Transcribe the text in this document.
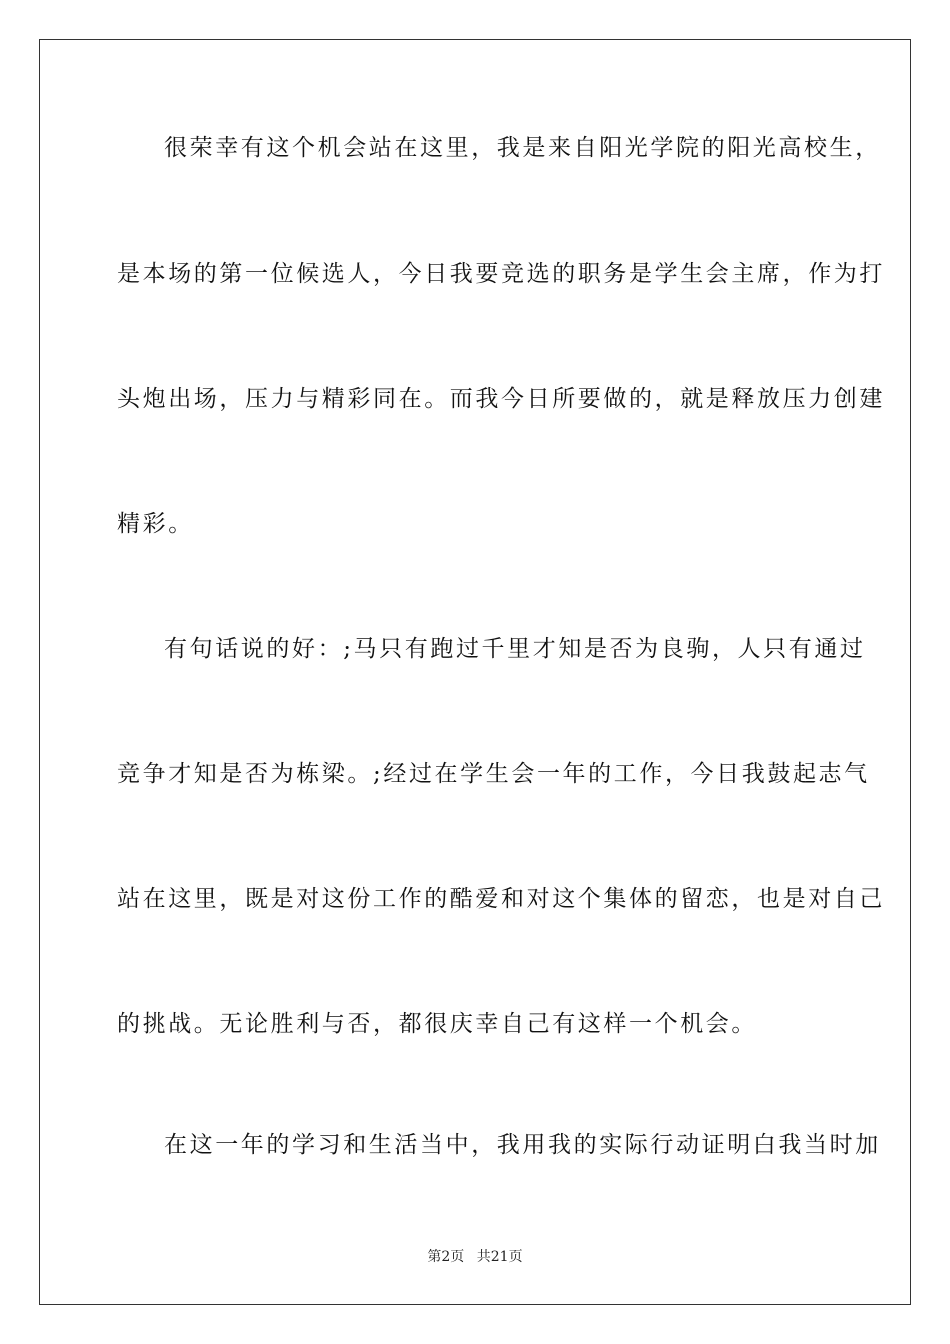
很荣幸有这个机会站在这里，我是来自阳光学院的阳光高校生，
是本场的第一位候选人，今日我要竞选的职务是学生会主席，作为打
头炮出场，压力与精彩同在。而我今日所要做的，就是释放压力创建
精彩。
有句话说的好：;马只有跑过千里才知是否为良驹，人只有通过
竞争才知是否为栋梁。;经过在学生会一年的工作，今日我鼓起志气
站在这里，既是对这份工作的酷爱和对这个集体的留恋，也是对自己
的挑战。无论胜利与否，都很庆幸自己有这样一个机会。
在这一年的学习和生活当中，我用我的实际行动证明白我当时加
第2页 共21页
